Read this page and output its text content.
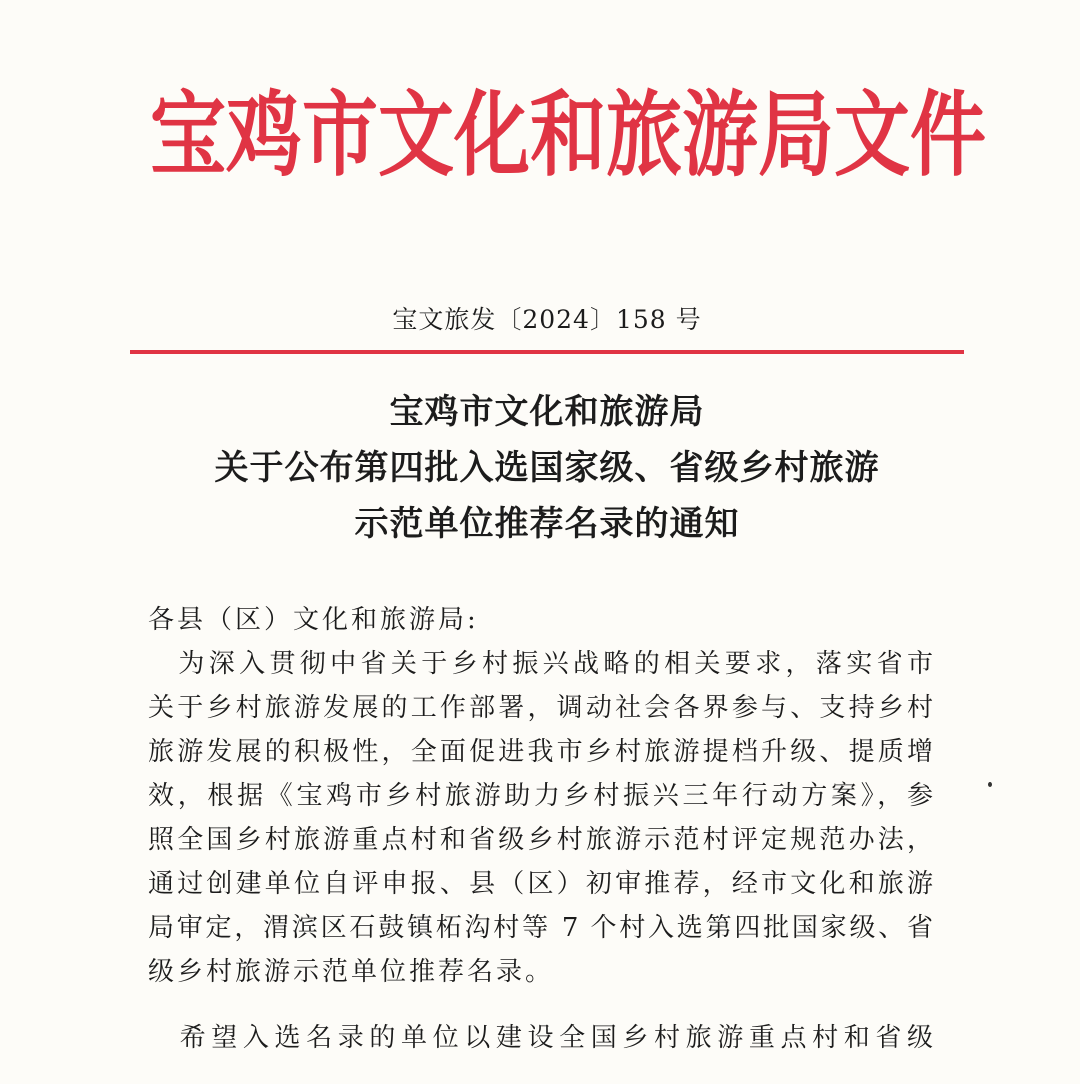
宝鸡市文化和旅游局文件
宝文旅发〔2024〕158 号
宝鸡市文化和旅游局
关于公布第四批入选国家级、省级乡村旅游
示范单位推荐名录的通知
各县（区）文化和旅游局:
　为深入贯彻中省关于乡村振兴战略的相关要求，落实省市
关于乡村旅游发展的工作部署，调动社会各界参与、支持乡村
旅游发展的积极性，全面促进我市乡村旅游提档升级、提质增
效，根据《宝鸡市乡村旅游助力乡村振兴三年行动方案》，参
照全国乡村旅游重点村和省级乡村旅游示范村评定规范办法，
通过创建单位自评申报、县（区）初审推荐，经市文化和旅游
局审定，渭滨区石鼓镇柘沟村等 7 个村入选第四批国家级、省
级乡村旅游示范单位推荐名录。
　希望入选名录的单位以建设全国乡村旅游重点村和省级
